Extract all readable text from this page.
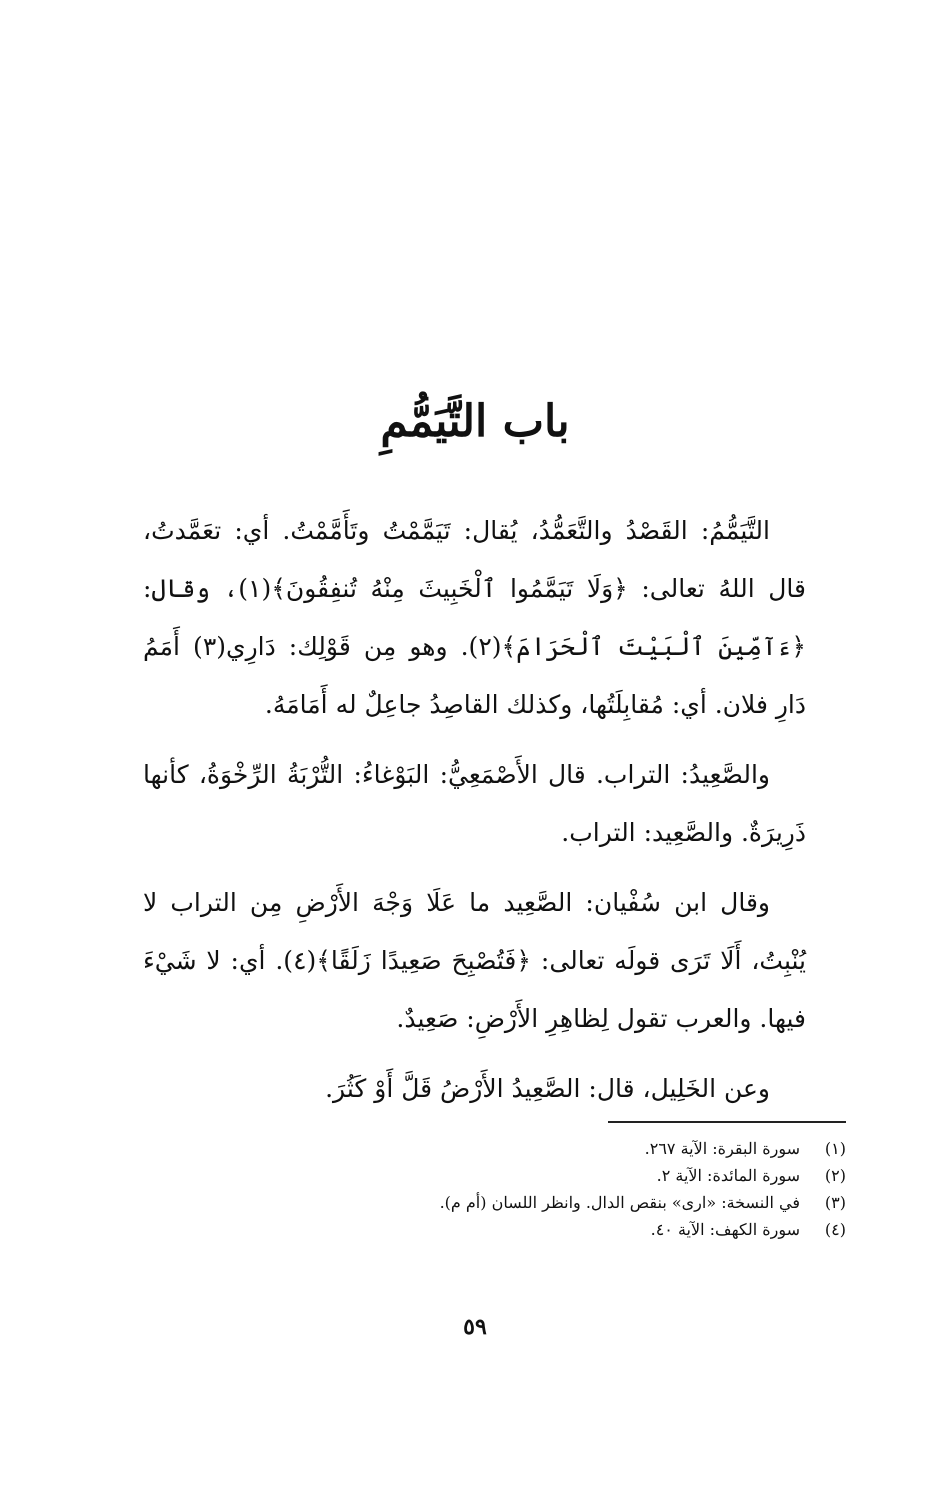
باب التَّيَمُّمِ

التَّيَمُّمُ: القَصْدُ والتَّعَمُّدُ، يُقال: تَيَمَّمْتُ وتَأَمَّمْتُ. أي: تعَمَّدتُ، قال اللهُ تعالى: ﴿وَلَا تَيَمَّمُوا ٱلْخَبِيثَ مِنْهُ تُنفِقُونَ﴾(١)، وقال: ﴿ءَآمِّينَ ٱلْبَيْتَ ٱلْحَرَامَ﴾(٢). وهو مِن قَوْلِك: دَارِي(٣) أَمَمُ دَارِ فلان. أي: مُقابِلَتُها، وكذلك القاصِدُ جاعِلٌ له أَمَامَهُ.

والصَّعِيدُ: التراب. قال الأَصْمَعِيُّ: البَوْغاءُ: التُّرْبَةُ الرِّخْوَةُ، كأنها ذَرِيرَةٌ. والصَّعِيد: التراب.

وقال ابن سُفْيان: الصَّعِيد ما عَلَا وَجْهَ الأَرْضِ مِن التراب لا يُنْبِتُ، أَلَا تَرَى قولَه تعالى: ﴿فَتُصْبِحَ صَعِيدًا زَلَقًا﴾(٤). أي: لا شَيْءَ فيها. والعرب تقول لِظاهِرِ الأَرْضِ: صَعِيدٌ.

وعن الخَلِيل، قال: الصَّعِيدُ الأَرْضُ قَلَّ أَوْ كَثُرَ.

(١)
سورة البقرة: الآية ٢٦٧.
(٢)
سورة المائدة: الآية ٢.
(٣)
في النسخة: «ارى» بنقص الدال. وانظر اللسان (أم م).
(٤)
سورة الكهف: الآية ٤٠.
٥٩
